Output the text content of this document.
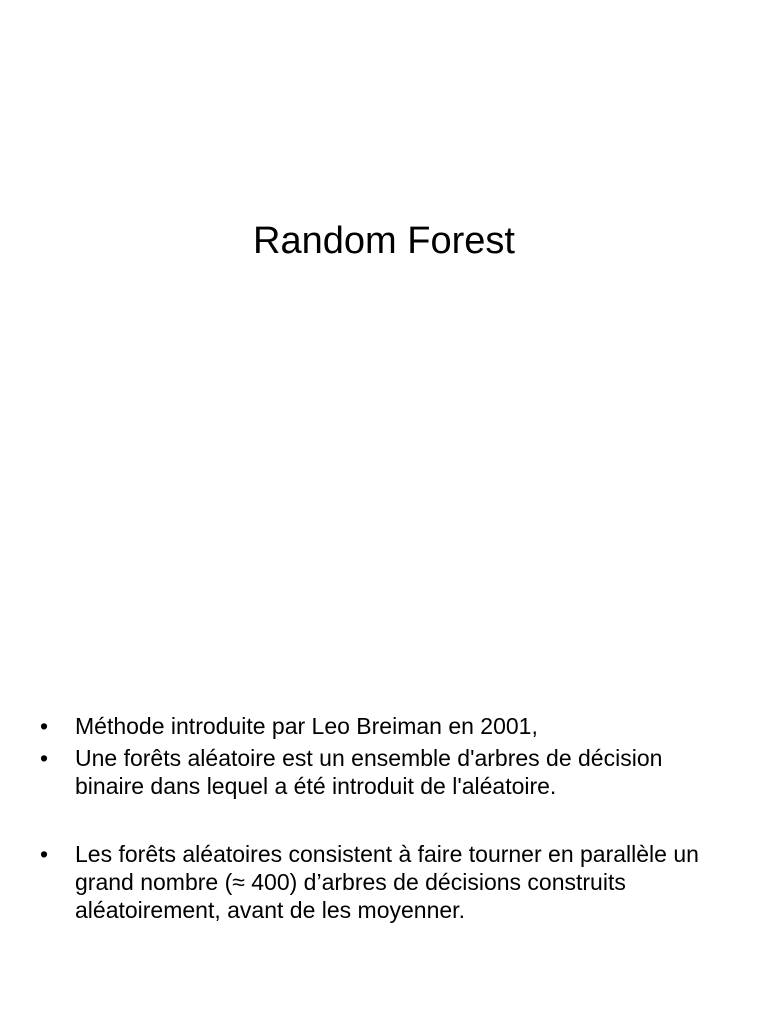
Random Forest
•	Méthode introduite par Leo Breiman en 2001,
•	Une forêts aléatoire est un ensemble d'arbres de décision binaire dans lequel a été introduit de l'aléatoire.
•	Les forêts aléatoires consistent à faire tourner en parallèle un grand nombre (≈ 400) d’arbres de décisions construits aléatoirement, avant de les moyenner.
